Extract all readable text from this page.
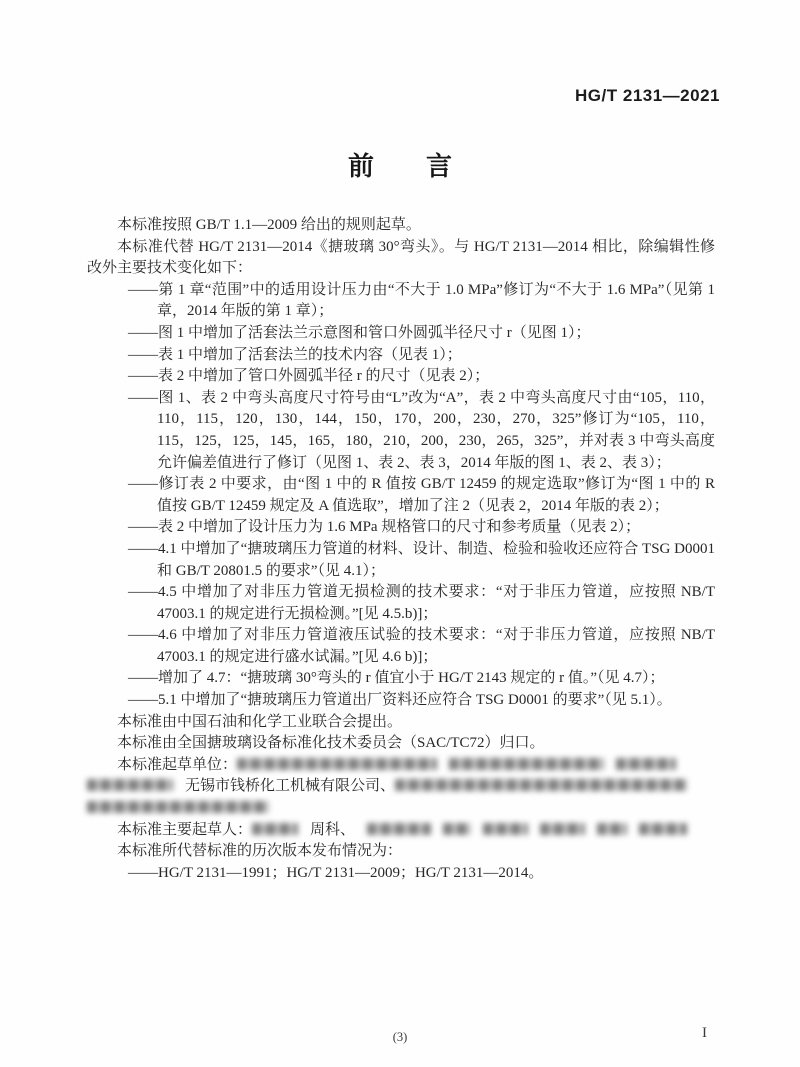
HG/T 2131—2021
前　　言

本标准按照 GB/T 1.1—2009 给出的规则起草。

本标准代替 HG/T 2131—2014《搪玻璃 30°弯头》。与 HG/T 2131—2014 相比，除编辑性修改外主要技术变化如下：

——第 1 章“范围”中的适用设计压力由“不大于 1.0 MPa”修订为“不大于 1.6 MPa”（见第 1 章，2014 年版的第 1 章）；

——图 1 中增加了活套法兰示意图和管口外圆弧半径尺寸 r（见图 1）；

——表 1 中增加了活套法兰的技术内容（见表 1）；

——表 2 中增加了管口外圆弧半径 r 的尺寸（见表 2）；

——图 1、表 2 中弯头高度尺寸符号由“L”改为“A”，表 2 中弯头高度尺寸由“105，110，110，115，120，130，144，150，170，200，230，270，325”修订为“105，110，115，125，125，145，165，180，210，200，230，265，325”，并对表 3 中弯头高度允许偏差值进行了修订（见图 1、表 2、表 3，2014 年版的图 1、表 2、表 3）；

——修订表 2 中要求，由“图 1 中的 R 值按 GB/T 12459 的规定选取”修订为“图 1 中的 R 值按 GB/T 12459 规定及 A 值选取”，增加了注 2（见表 2，2014 年版的表 2）；

——表 2 中增加了设计压力为 1.6 MPa 规格管口的尺寸和参考质量（见表 2）；

——4.1 中增加了“搪玻璃压力管道的材料、设计、制造、检验和验收还应符合 TSG D0001 和 GB/T 20801.5 的要求”（见 4.1）；

——4.5 中增加了对非压力管道无损检测的技术要求：“对于非压力管道，应按照 NB/T 47003.1 的规定进行无损检测。”[见 4.5.b)]；

——4.6 中增加了对非压力管道液压试验的技术要求：“对于非压力管道，应按照 NB/T 47003.1 的规定进行盛水试漏。”[见 4.6 b)]；

——增加了 4.7：“搪玻璃 30°弯头的 r 值宜小于 HG/T 2143 规定的 r 值。”（见 4.7）；

——5.1 中增加了“搪玻璃压力管道出厂资料还应符合 TSG D0001 的要求”（见 5.1）。

本标准由中国石油和化学工业联合会提出。

本标准由全国搪玻璃设备标准化技术委员会（SAC/TC72）归口。

本标准起草单位：

无锡市钱桥化工机械有限公司、

本标准主要起草人：	周科、

本标准所代替标准的历次版本发布情况为：

——HG/T 2131—1991；HG/T 2131—2009；HG/T 2131—2014。

(3)	I
